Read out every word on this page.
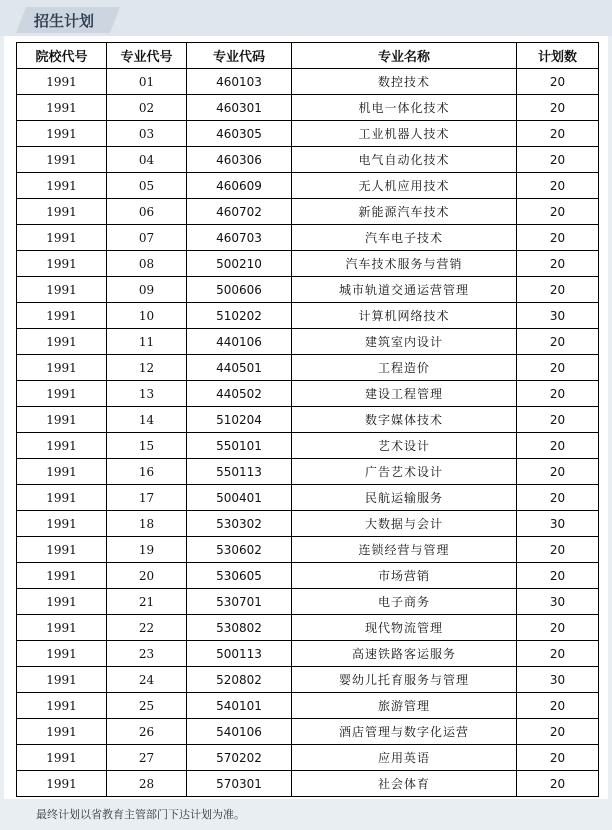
招生计划
院校代号	专业代号	专业代码	专业名称	计划数
1991	01	460103	数控技术	20
1991	02	460301	机电一体化技术	20
1991	03	460305	工业机器人技术	20
1991	04	460306	电气自动化技术	20
1991	05	460609	无人机应用技术	20
1991	06	460702	新能源汽车技术	20
1991	07	460703	汽车电子技术	20
1991	08	500210	汽车技术服务与营销	20
1991	09	500606	城市轨道交通运营管理	20
1991	10	510202	计算机网络技术	30
1991	11	440106	建筑室内设计	20
1991	12	440501	工程造价	20
1991	13	440502	建设工程管理	20
1991	14	510204	数字媒体技术	20
1991	15	550101	艺术设计	20
1991	16	550113	广告艺术设计	20
1991	17	500401	民航运输服务	20
1991	18	530302	大数据与会计	30
1991	19	530602	连锁经营与管理	20
1991	20	530605	市场营销	20
1991	21	530701	电子商务	30
1991	22	530802	现代物流管理	20
1991	23	500113	高速铁路客运服务	20
1991	24	520802	婴幼儿托育服务与管理	30
1991	25	540101	旅游管理	20
1991	26	540106	酒店管理与数字化运营	20
1991	27	570202	应用英语	20
1991	28	570301	社会体育	20
最终计划以省教育主管部门下达计划为准。
